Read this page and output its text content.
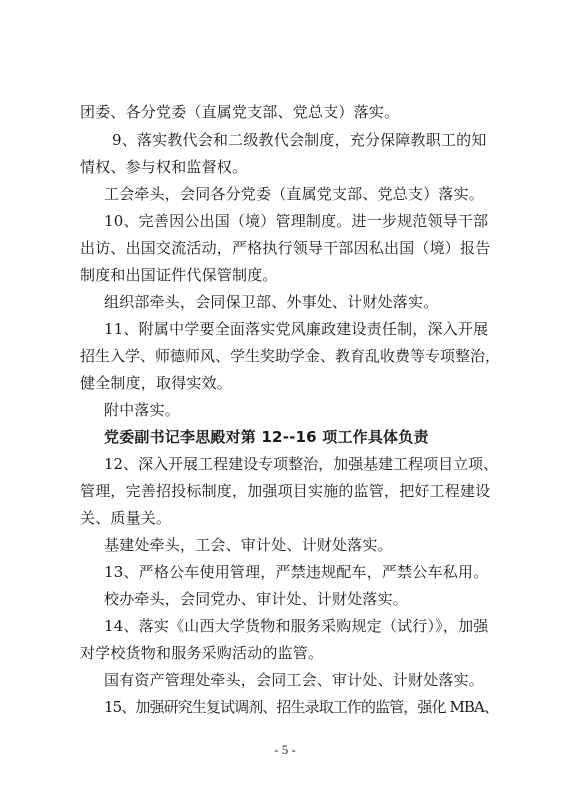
团委、各分党委（直属党支部、党总支）落实。
9、落实教代会和二级教代会制度，充分保障教职工的知
情权、参与权和监督权。
工会牵头，会同各分党委（直属党支部、党总支）落实。
10、完善因公出国（境）管理制度。进一步规范领导干部
出访、出国交流活动，严格执行领导干部因私出国（境）报告
制度和出国证件代保管制度。
组织部牵头，会同保卫部、外事处、计财处落实。
11、附属中学要全面落实党风廉政建设责任制，深入开展
招生入学、师德师风、学生奖助学金、教育乱收费等专项整治，
健全制度，取得实效。
附中落实。
党委副书记李思殿对第 12--16 项工作具体负责
12、深入开展工程建设专项整治，加强基建工程项目立项、
管理，完善招投标制度，加强项目实施的监管，把好工程建设
关、质量关。
基建处牵头，工会、审计处、计财处落实。
13、严格公车使用管理，严禁违规配车，严禁公车私用。
校办牵头，会同党办、审计处、计财处落实。
14、落实《山西大学货物和服务采购规定（试行）》，加强
对学校货物和服务采购活动的监管。
国有资产管理处牵头，会同工会、审计处、计财处落实。
15、加强研究生复试调剂、招生录取工作的监管，强化 MBA、
- 5 -
